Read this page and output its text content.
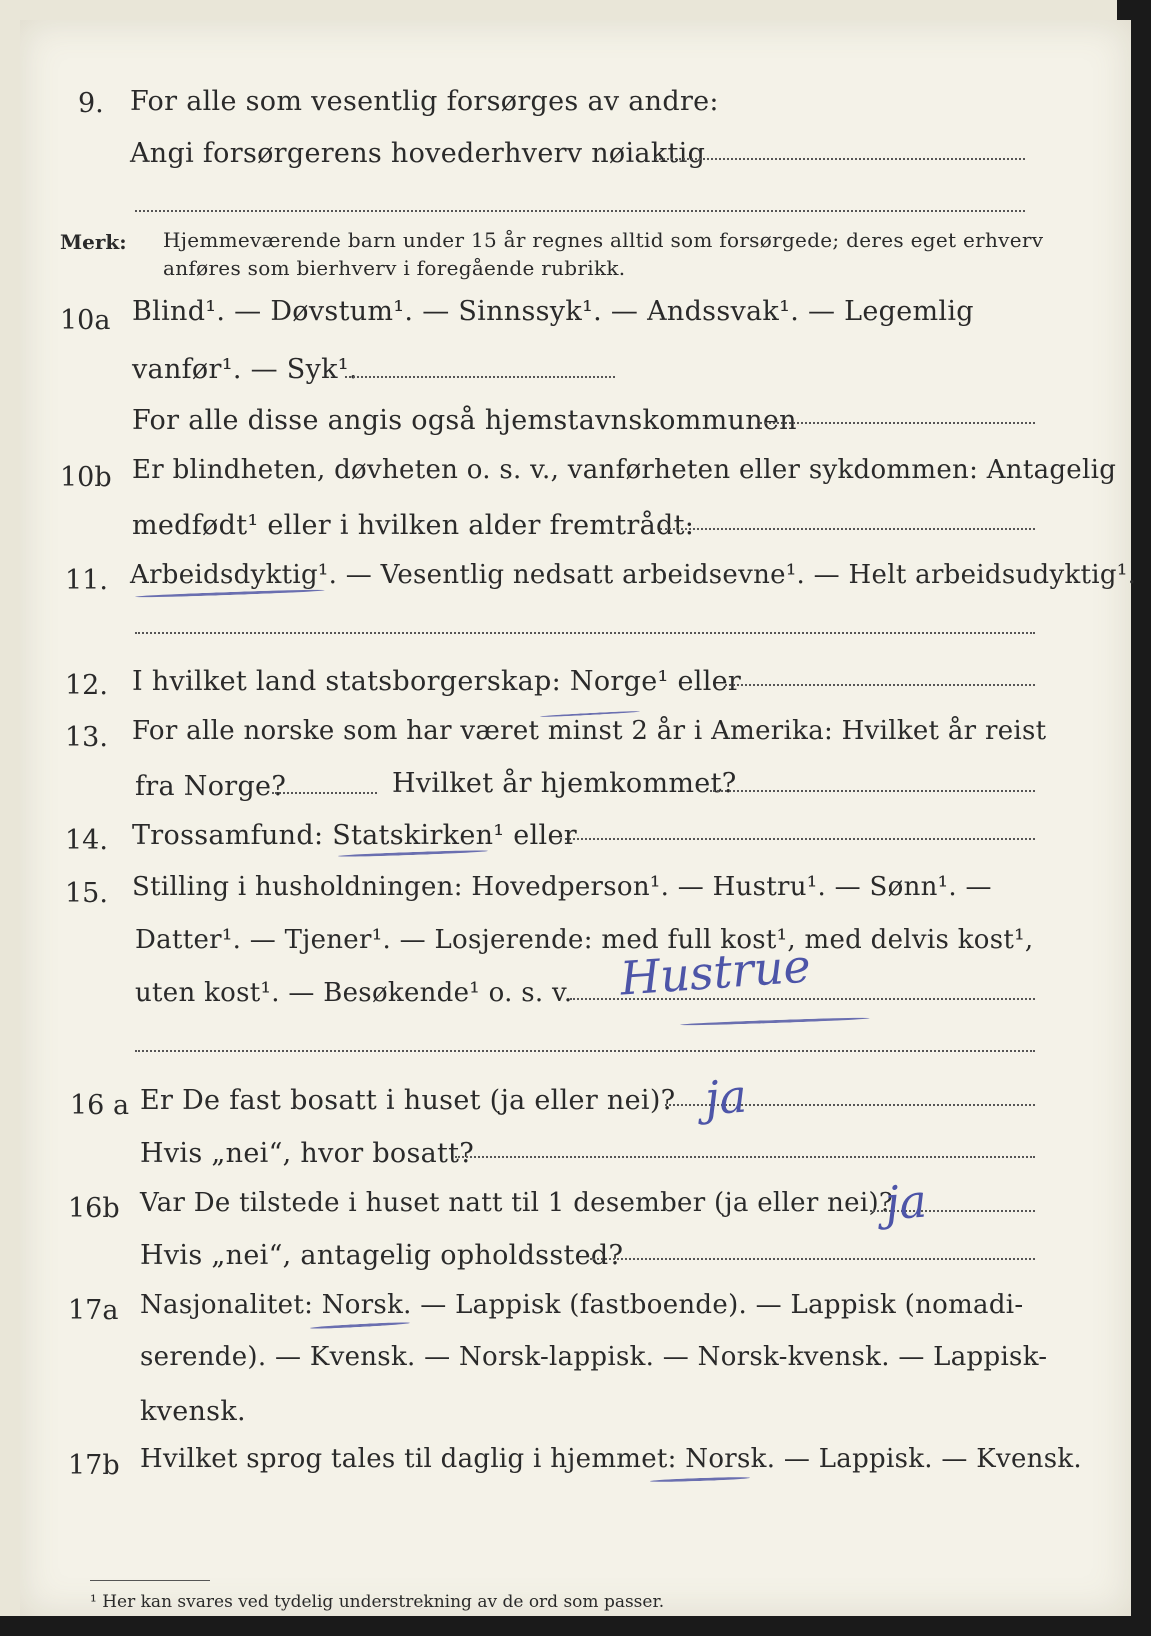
9. For alle som vesentlig forsørges av andre:
Angi forsørgerens hovederhverv nøiaktig
Merk: Hjemmeværende barn under 15 år regnes alltid som forsørgede; deres eget erhverv
anføres som bierhverv i foregående rubrikk.
10a Blind¹. — Døvstum¹. — Sinnssyk¹. — Andssvak¹. — Legemlig
vanfør¹. — Syk¹.
For alle disse angis også hjemstavnskommunen
10b Er blindheten, døvheten o. s. v., vanførheten eller sykdommen: Antagelig
medfødt¹ eller i hvilken alder fremtrådt:
11. Arbeidsdyktig¹. — Vesentlig nedsatt arbeidsevne¹. — Helt arbeidsudyktig¹.
12. I hvilket land statsborgerskap: Norge¹ eller
13. For alle norske som har været minst 2 år i Amerika: Hvilket år reist
fra Norge?	Hvilket år hjemkommet?
14. Trossamfund: Statskirken¹ eller
15. Stilling i husholdningen: Hovedperson¹. — Hustru¹. — Sønn¹. —
Datter¹. — Tjener¹. — Losjerende: med full kost¹, med delvis kost¹,
uten kost¹. — Besøkende¹ o. s. v. Hustrue
16 a Er De fast bosatt i huset (ja eller nei)? ja
Hvis „nei“, hvor bosatt?
16b Var De tilstede i huset natt til 1 desember (ja eller nei)?
ja
Hvis „nei“, antagelig opholdssted?
17a Nasjonalitet: Norsk. — Lappisk (fastboende). — Lappisk (nomadi-
serende). — Kvensk. — Norsk-lappisk. — Norsk-kvensk. — Lappisk-
kvensk.
17b Hvilket sprog tales til daglig i hjemmet: Norsk. — Lappisk. — Kvensk.
¹ Her kan svares ved tydelig understrekning av de ord som passer.
